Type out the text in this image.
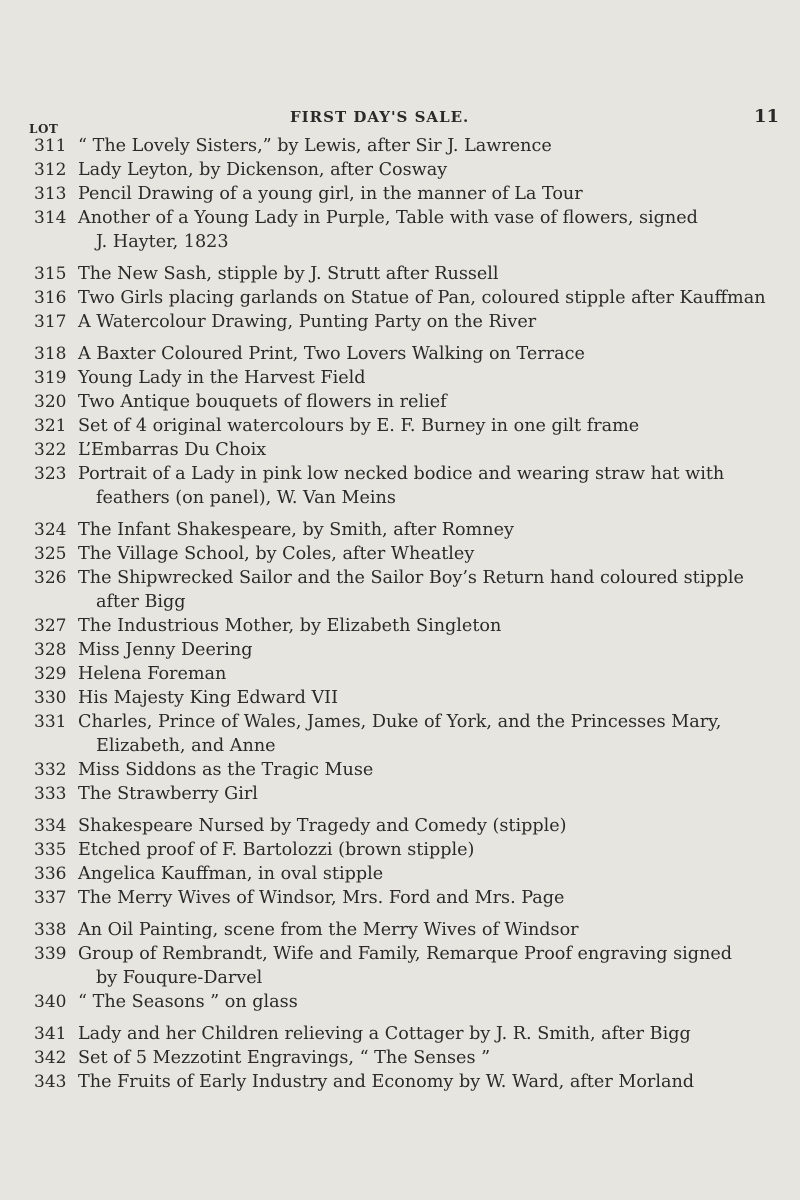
FIRST DAY'S SALE.	11
LOT
311 “ The Lovely Sisters,” by Lewis, after Sir J. Lawrence
312 Lady Leyton, by Dickenson, after Cosway
313 Pencil Drawing of a young girl, in the manner of La Tour
314 Another of a Young Lady in Purple, Table with vase of flowers, signed
J. Hayter, 1823
315 The New Sash, stipple by J. Strutt after Russell
316 Two Girls placing garlands on Statue of Pan, coloured stipple after Kauffman
317 A Watercolour Drawing, Punting Party on the River
318 A Baxter Coloured Print, Two Lovers Walking on Terrace
319 Young Lady in the Harvest Field
320 Two Antique bouquets of flowers in relief
321 Set of 4 original watercolours by E. F. Burney in one gilt frame
322 L’Embarras Du Choix
323 Portrait of a Lady in pink low necked bodice and wearing straw hat with
feathers (on panel), W. Van Meins
324 The Infant Shakespeare, by Smith, after Romney
325 The Village School, by Coles, after Wheatley
326 The Shipwrecked Sailor and the Sailor Boy’s Return hand coloured stipple
after Bigg
327 The Industrious Mother, by Elizabeth Singleton
328 Miss Jenny Deering
329 Helena Foreman
330 His Majesty King Edward VII
331 Charles, Prince of Wales, James, Duke of York, and the Princesses Mary,
Elizabeth, and Anne
332 Miss Siddons as the Tragic Muse
333 The Strawberry Girl
334 Shakespeare Nursed by Tragedy and Comedy (stipple)
335 Etched proof of F. Bartolozzi (brown stipple)
336 Angelica Kauffman, in oval stipple
337 The Merry Wives of Windsor, Mrs. Ford and Mrs. Page
338 An Oil Painting, scene from the Merry Wives of Windsor
339 Group of Rembrandt, Wife and Family, Remarque Proof engraving signed
by Fouqure-Darvel
340 “ The Seasons ” on glass
341 Lady and her Children relieving a Cottager by J. R. Smith, after Bigg
342 Set of 5 Mezzotint Engravings, “ The Senses ”
343 The Fruits of Early Industry and Economy by W. Ward, after Morland
